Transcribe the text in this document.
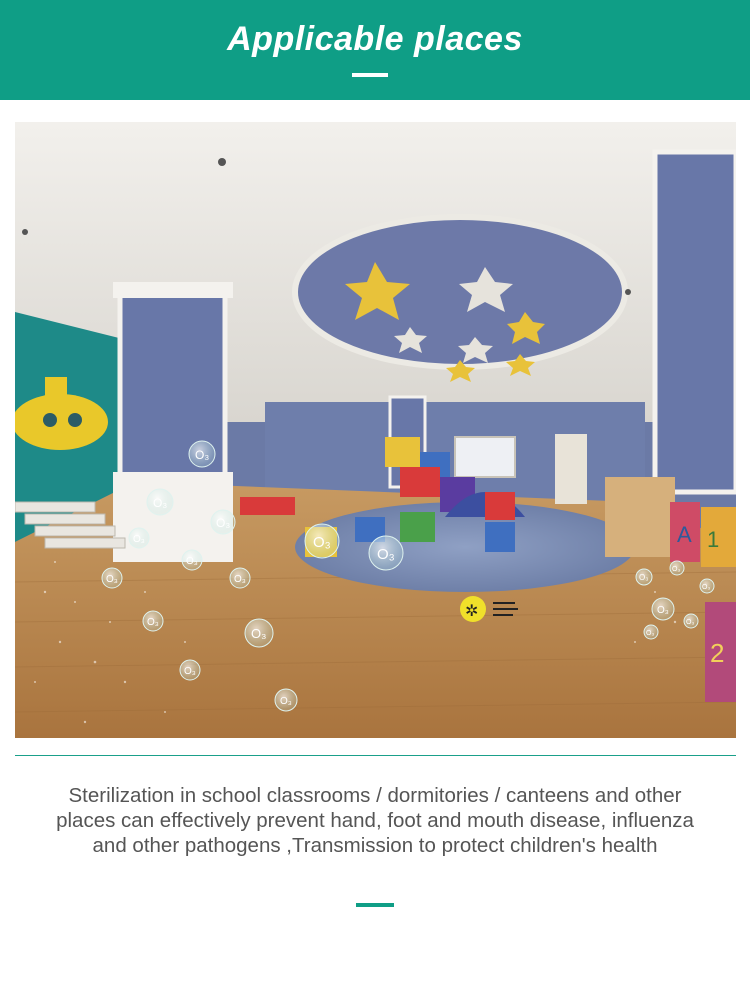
Applicable places
A 1
2
✲
O₃
O₃
O₃
O₃
O₃
O₃	O₃
O₃
O₃
O₃
O₃
O₃
O₃
O₃
O₃
O₃
O₃
O₃
O₃
Sterilization in school classrooms / dormitories / canteens and other places can effectively prevent hand, foot and mouth disease, influenza and other pathogens ,Transmission to protect children's health
